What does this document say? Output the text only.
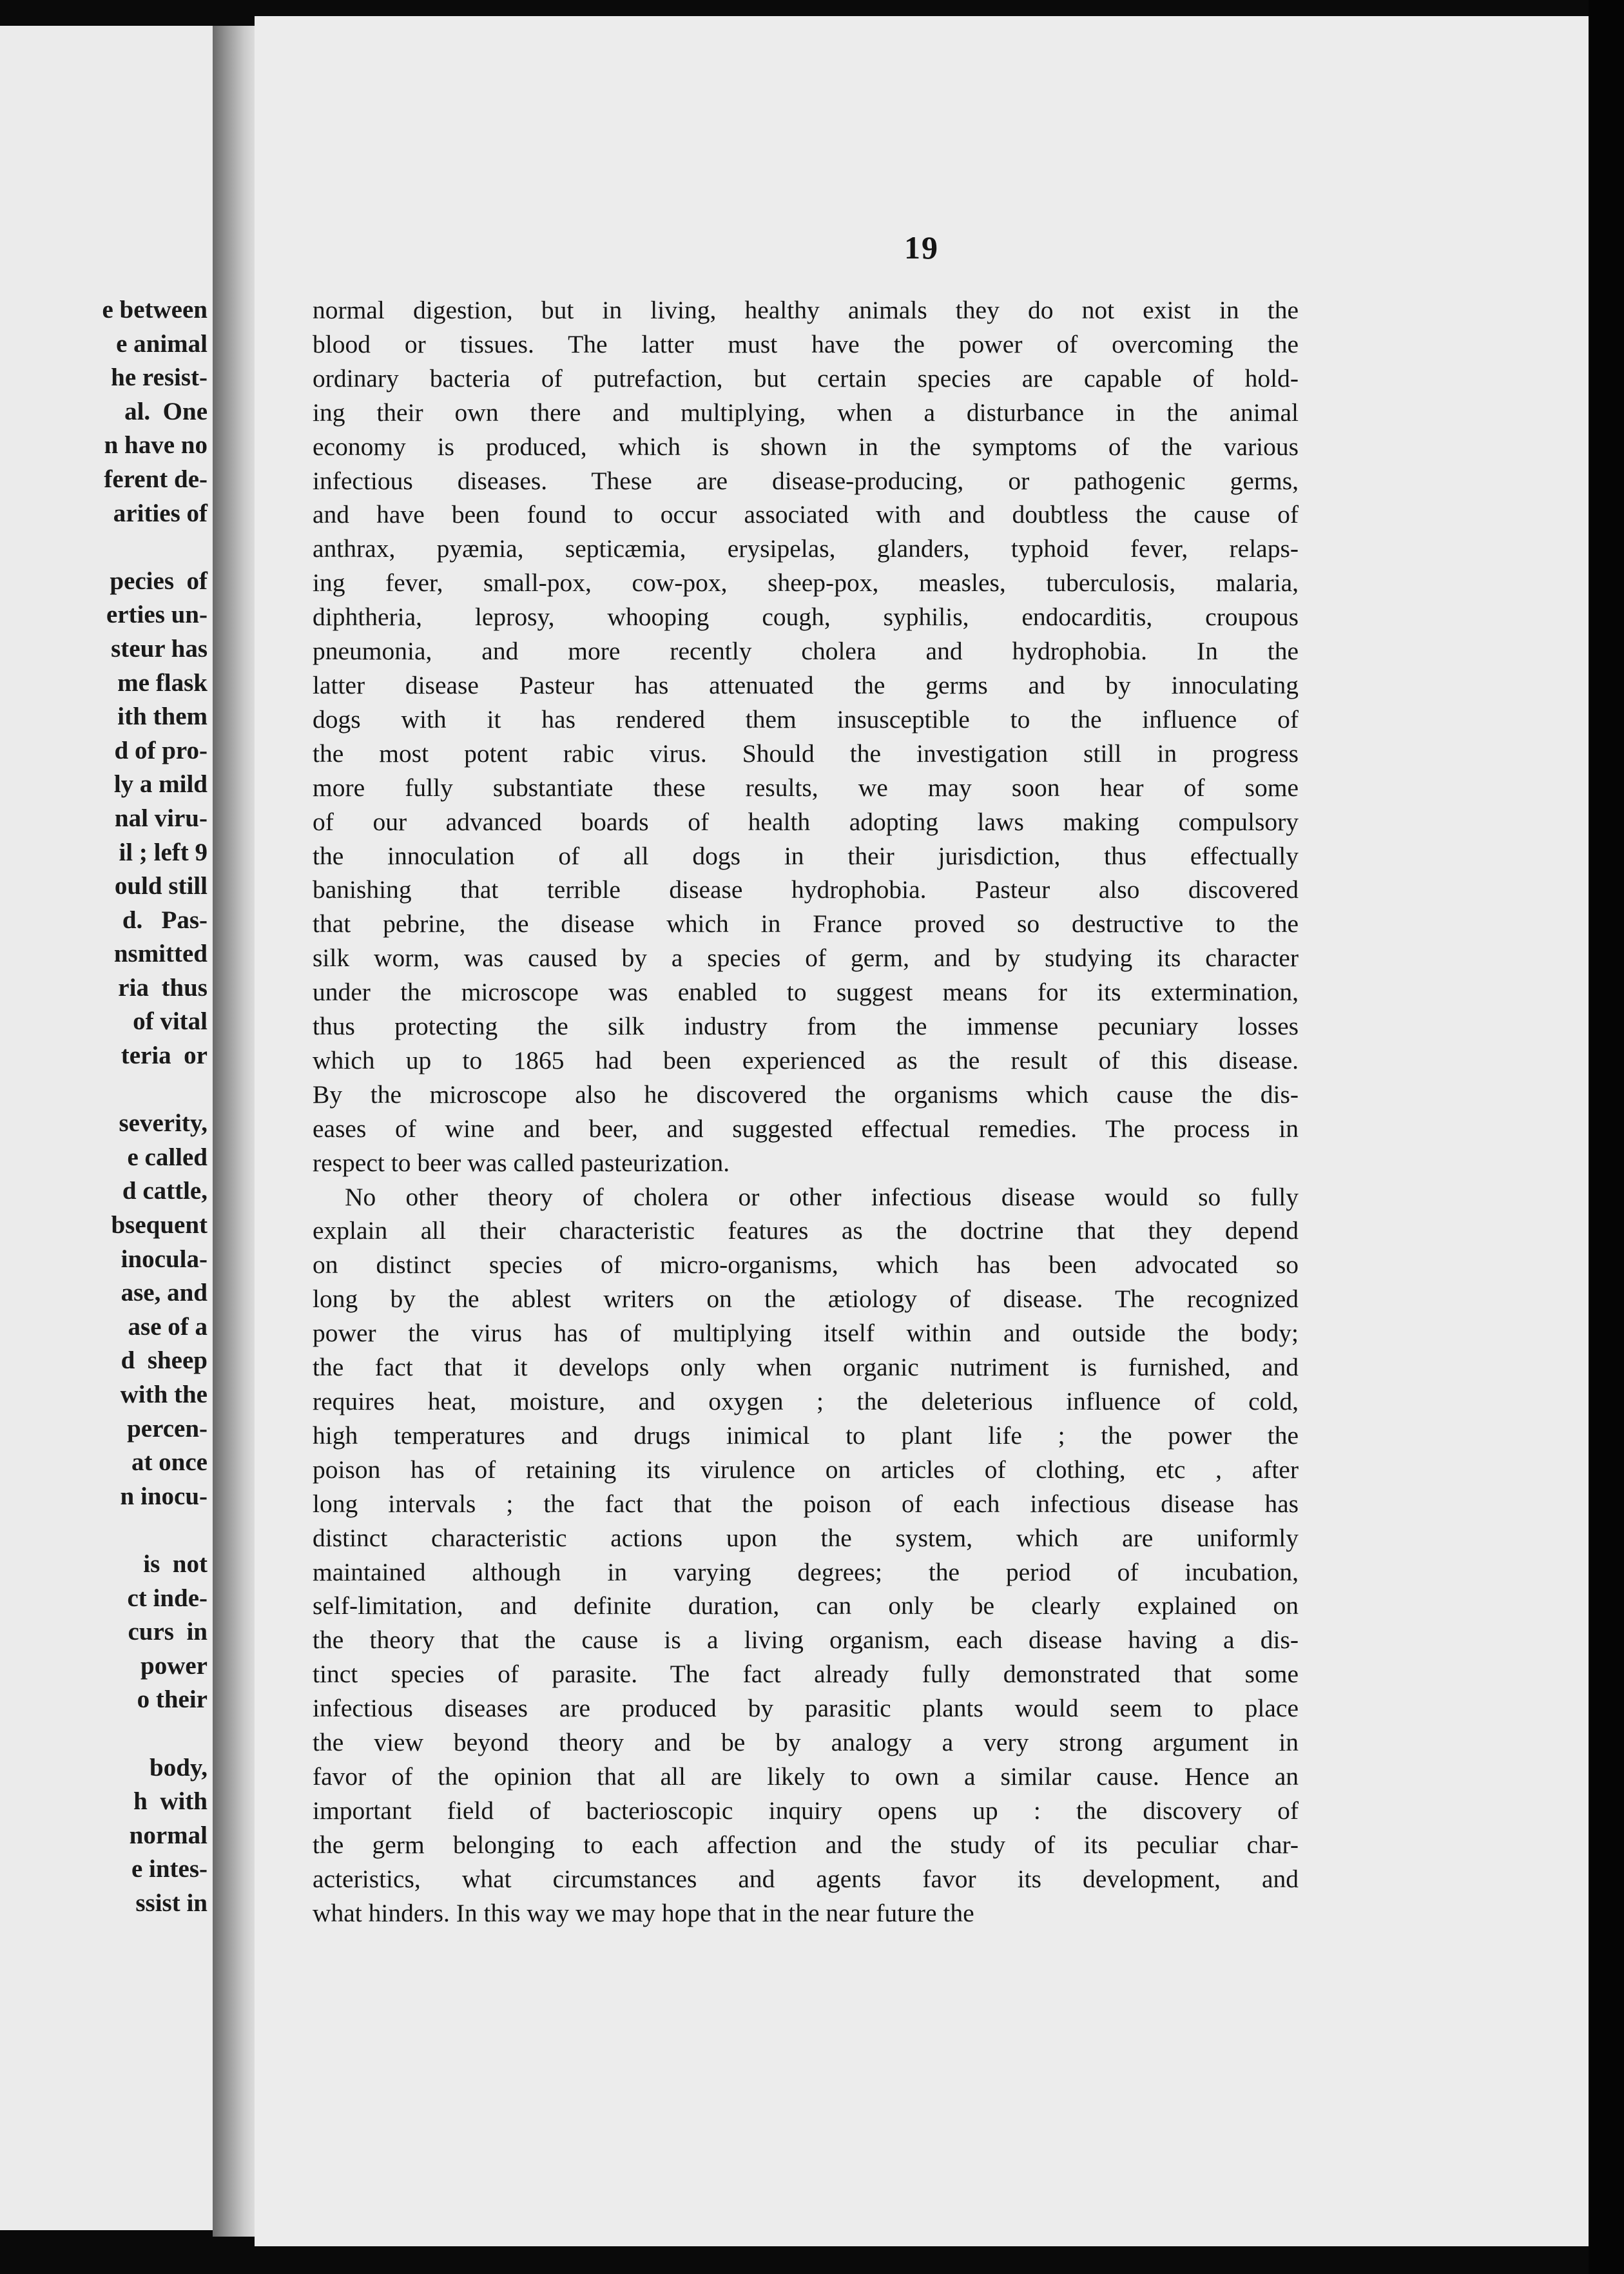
e between
e animal
he resist-
al.  One
n have no
ferent de-
arities of

pecies  of
erties un-
steur has
me flask
ith them
d of pro-
ly a mild
nal viru-
il ; left 9
ould still
d.   Pas-
nsmitted
ria  thus
of vital
teria  or

severity,
e called
d cattle,
bsequent
inocula-
ase, and
ase of a
d  sheep
with the
percen-
at once
n inocu-

is  not
ct inde-
curs  in
power
o their

body,
h  with
normal
e intes-
ssist in
19
normal digestion, but in living, healthy animals they do not exist in the
blood or tissues. The latter must have the power of overcoming the
ordinary bacteria of putrefaction, but certain species are capable of hold-
ing their own there and multiplying, when a disturbance in the animal
economy is produced, which is shown in the symptoms of the various
infectious diseases. These are disease-producing, or pathogenic germs,
and have been found to occur associated with and doubtless the cause of
anthrax, pyæmia, septicæmia, erysipelas, glanders, typhoid fever, relaps-
ing fever, small-pox, cow-pox, sheep-pox, measles, tuberculosis, malaria,
diphtheria, leprosy, whooping cough, syphilis, endocarditis, croupous
pneumonia, and more recently cholera and hydrophobia. In the
latter disease Pasteur has attenuated the germs and by innoculating
dogs with it has rendered them insusceptible to the influence of
the most potent rabic virus. Should the investigation still in progress
more fully substantiate these results, we may soon hear of some
of our advanced boards of health adopting laws making compulsory
the innoculation of all dogs in their jurisdiction, thus effectually
banishing that terrible disease hydrophobia. Pasteur also discovered
that pebrine, the disease which in France proved so destructive to the
silk worm, was caused by a species of germ, and by studying its character
under the microscope was enabled to suggest means for its extermination,
thus protecting the silk industry from the immense pecuniary losses
which up to 1865 had been experienced as the result of this disease.
By the microscope also he discovered the organisms which cause the dis-
eases of wine and beer, and suggested effectual remedies. The process in
respect to beer was called pasteurization.
No other theory of cholera or other infectious disease would so fully
explain all their characteristic features as the doctrine that they depend
on distinct species of micro-organisms, which has been advocated so
long by the ablest writers on the ætiology of disease. The recognized
power the virus has of multiplying itself within and outside the body;
the fact that it develops only when organic nutriment is furnished, and
requires heat, moisture, and oxygen ; the deleterious influence of cold,
high temperatures and drugs inimical to plant life ; the power the
poison has of retaining its virulence on articles of clothing, etc , after
long intervals ; the fact that the poison of each infectious disease has
distinct characteristic actions upon the system, which are uniformly
maintained although in varying degrees; the period of incubation,
self-limitation, and definite duration, can only be clearly explained on
the theory that the cause is a living organism, each disease having a dis-
tinct species of parasite. The fact already fully demonstrated that some
infectious diseases are produced by parasitic plants would seem to place
the view beyond theory and be by analogy a very strong argument in
favor of the opinion that all are likely to own a similar cause. Hence an
important field of bacterioscopic inquiry opens up : the discovery of
the germ belonging to each affection and the study of its peculiar char-
acteristics, what circumstances and agents favor its development, and
what hinders. In this way we may hope that in the near future the
